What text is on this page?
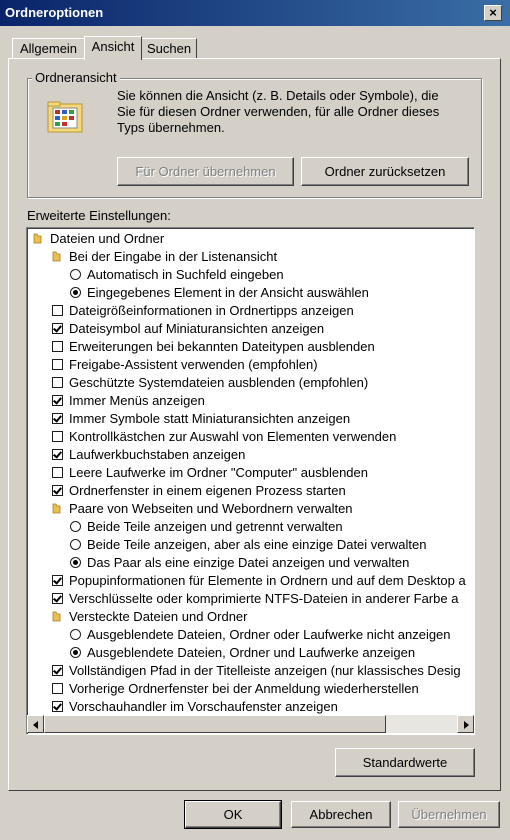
Ordneroptionen	×
Allgemein	Ansicht Suchen
Ordneransicht
Sie können die Ansicht (z. B. Details oder Symbole), die Sie für diesen Ordner verwenden, für alle Ordner dieses Typs übernehmen.
Für Ordner übernehmen	Ordner zurücksetzen
Erweiterte Einstellungen:
Dateien und Ordner
Bei der Eingabe in der Listenansicht
Automatisch in Suchfeld eingeben
Eingegebenes Element in der Ansicht auswählen
Dateigrößeinformationen in Ordnertipps anzeigen
Dateisymbol auf Miniaturansichten anzeigen
Erweiterungen bei bekannten Dateitypen ausblenden
Freigabe-Assistent verwenden (empfohlen)
Geschützte Systemdateien ausblenden (empfohlen)
Immer Menüs anzeigen
Immer Symbole statt Miniaturansichten anzeigen
Kontrollkästchen zur Auswahl von Elementen verwenden
Laufwerkbuchstaben anzeigen
Leere Laufwerke im Ordner "Computer" ausblenden
Ordnerfenster in einem eigenen Prozess starten
Paare von Webseiten und Webordnern verwalten
Beide Teile anzeigen und getrennt verwalten
Beide Teile anzeigen, aber als eine einzige Datei verwalten
Das Paar als eine einzige Datei anzeigen und verwalten
Popupinformationen für Elemente in Ordnern und auf dem Desktop a
Verschlüsselte oder komprimierte NTFS-Dateien in anderer Farbe a
Versteckte Dateien und Ordner
Ausgeblendete Dateien, Ordner oder Laufwerke nicht anzeigen
Ausgeblendete Dateien, Ordner und Laufwerke anzeigen
Vollständigen Pfad in der Titelleiste anzeigen (nur klassisches Desig
Vorherige Ordnerfenster bei der Anmeldung wiederherstellen
Vorschauhandler im Vorschaufenster anzeigen
Standardwerte
OK	Abbrechen	Übernehmen
